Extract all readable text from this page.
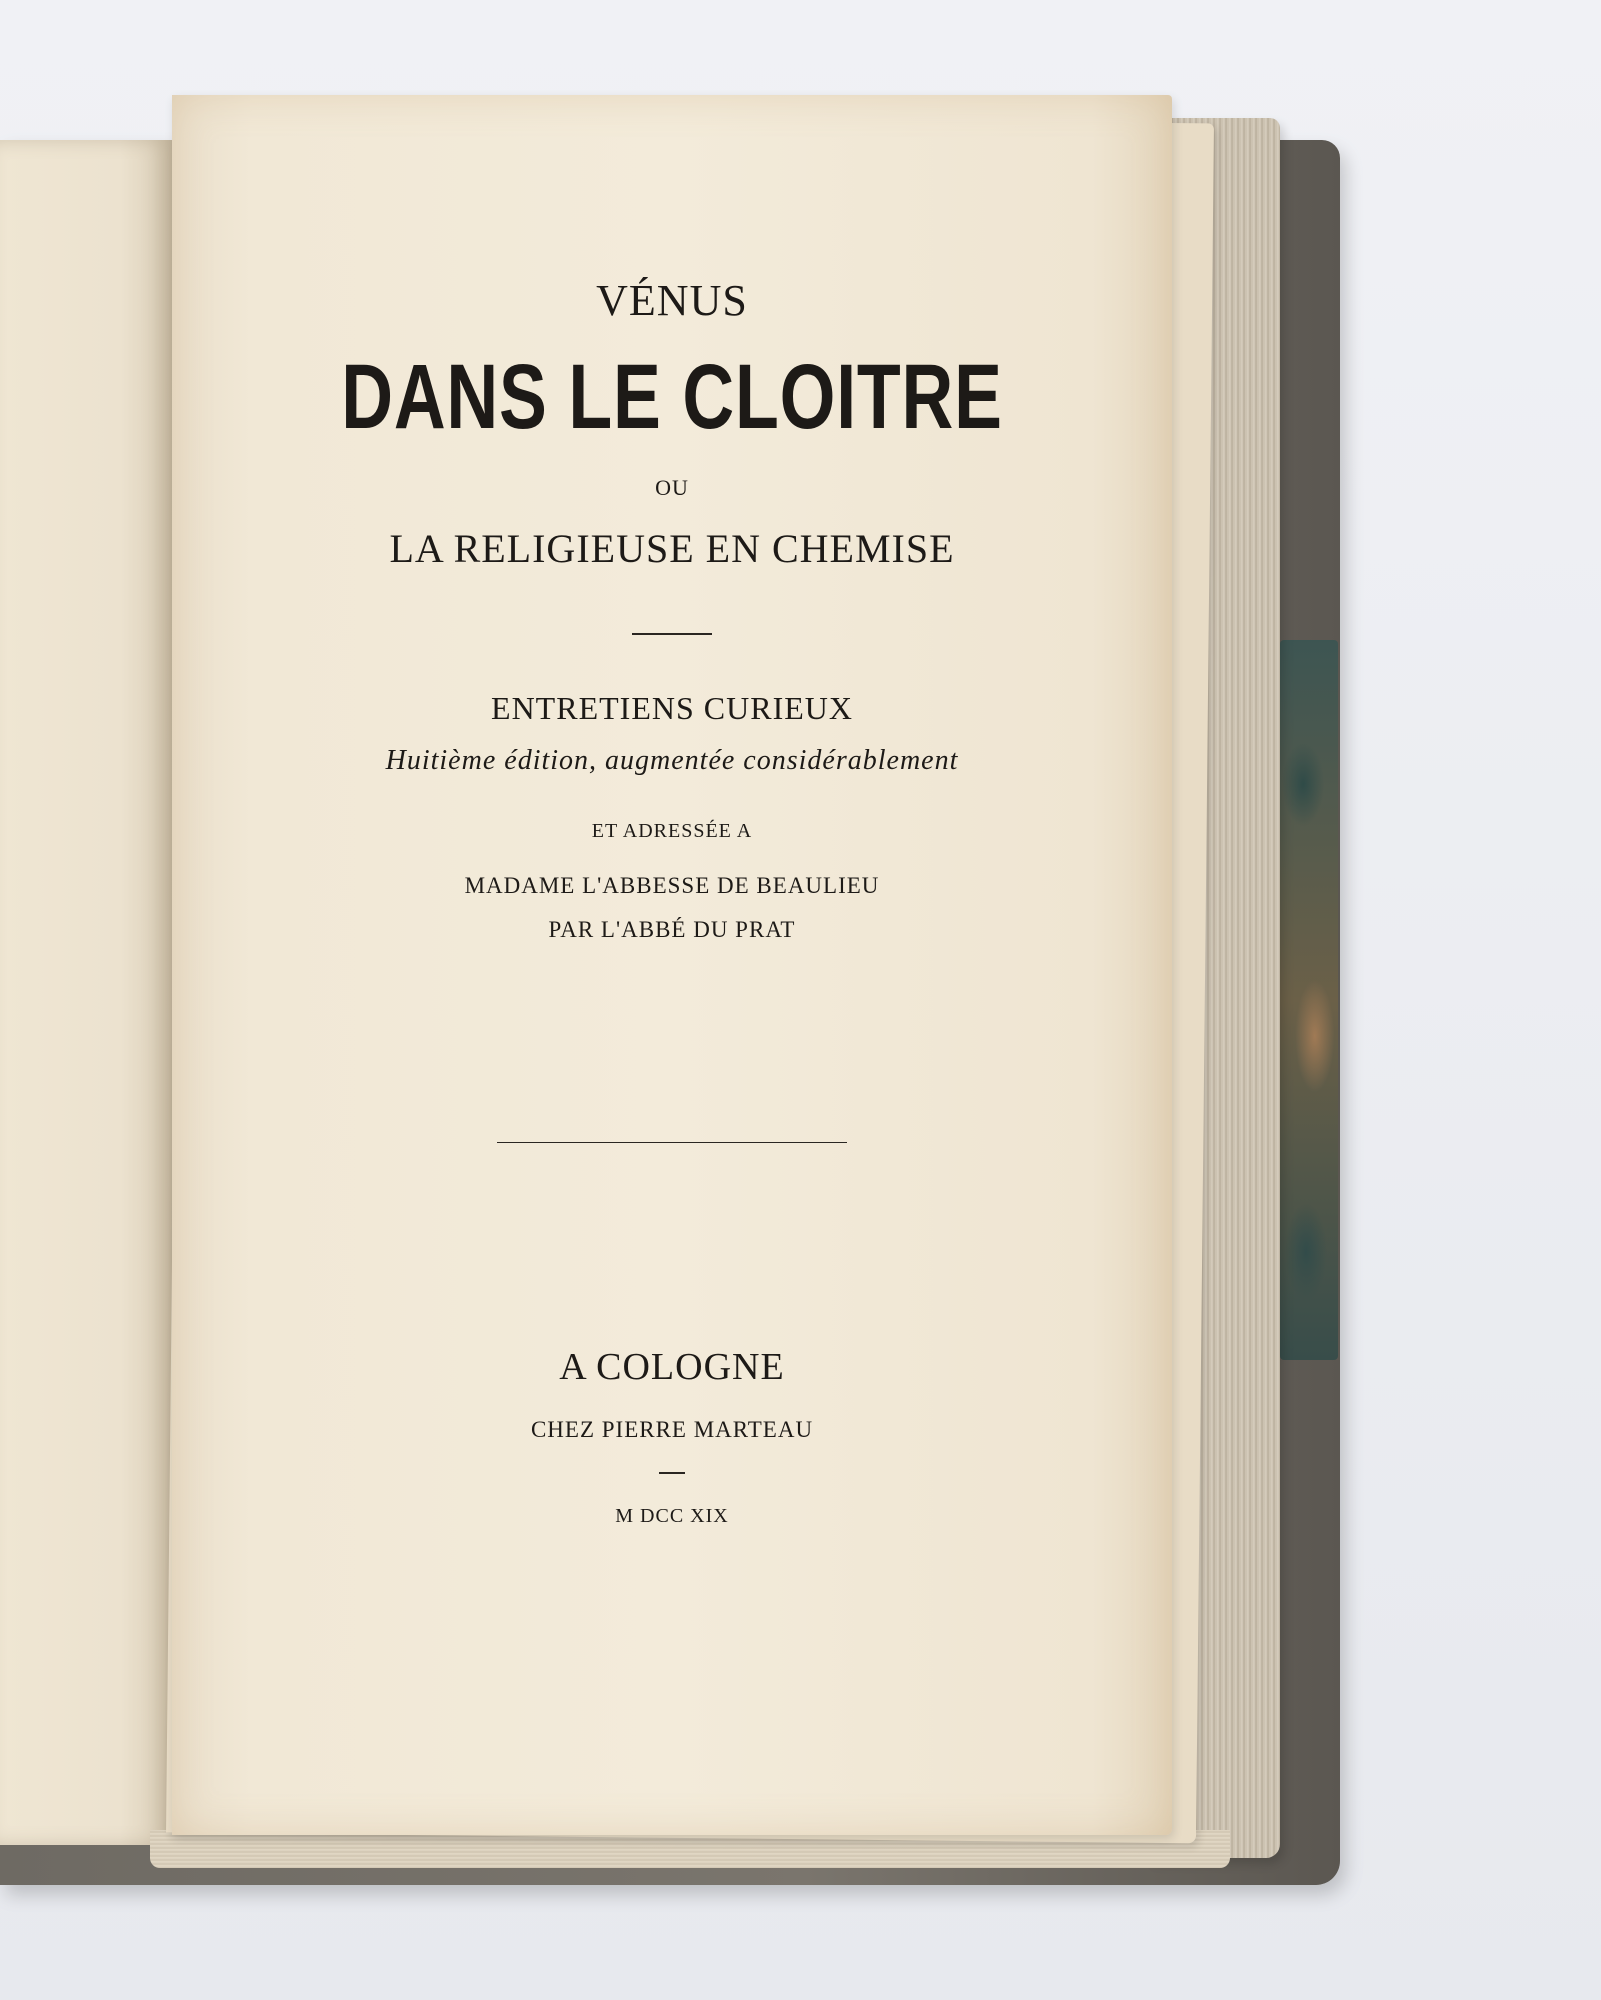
VÉNUS

DANS LE CLOITRE

OU

LA RELIGIEUSE EN CHEMISE

ENTRETIENS CURIEUX

Huitième édition, augmentée considérablement

ET ADRESSÉE A

MADAME L'ABBESSE DE BEAULIEU

PAR L'ABBÉ DU PRAT

A COLOGNE

CHEZ PIERRE MARTEAU

M DCC XIX
